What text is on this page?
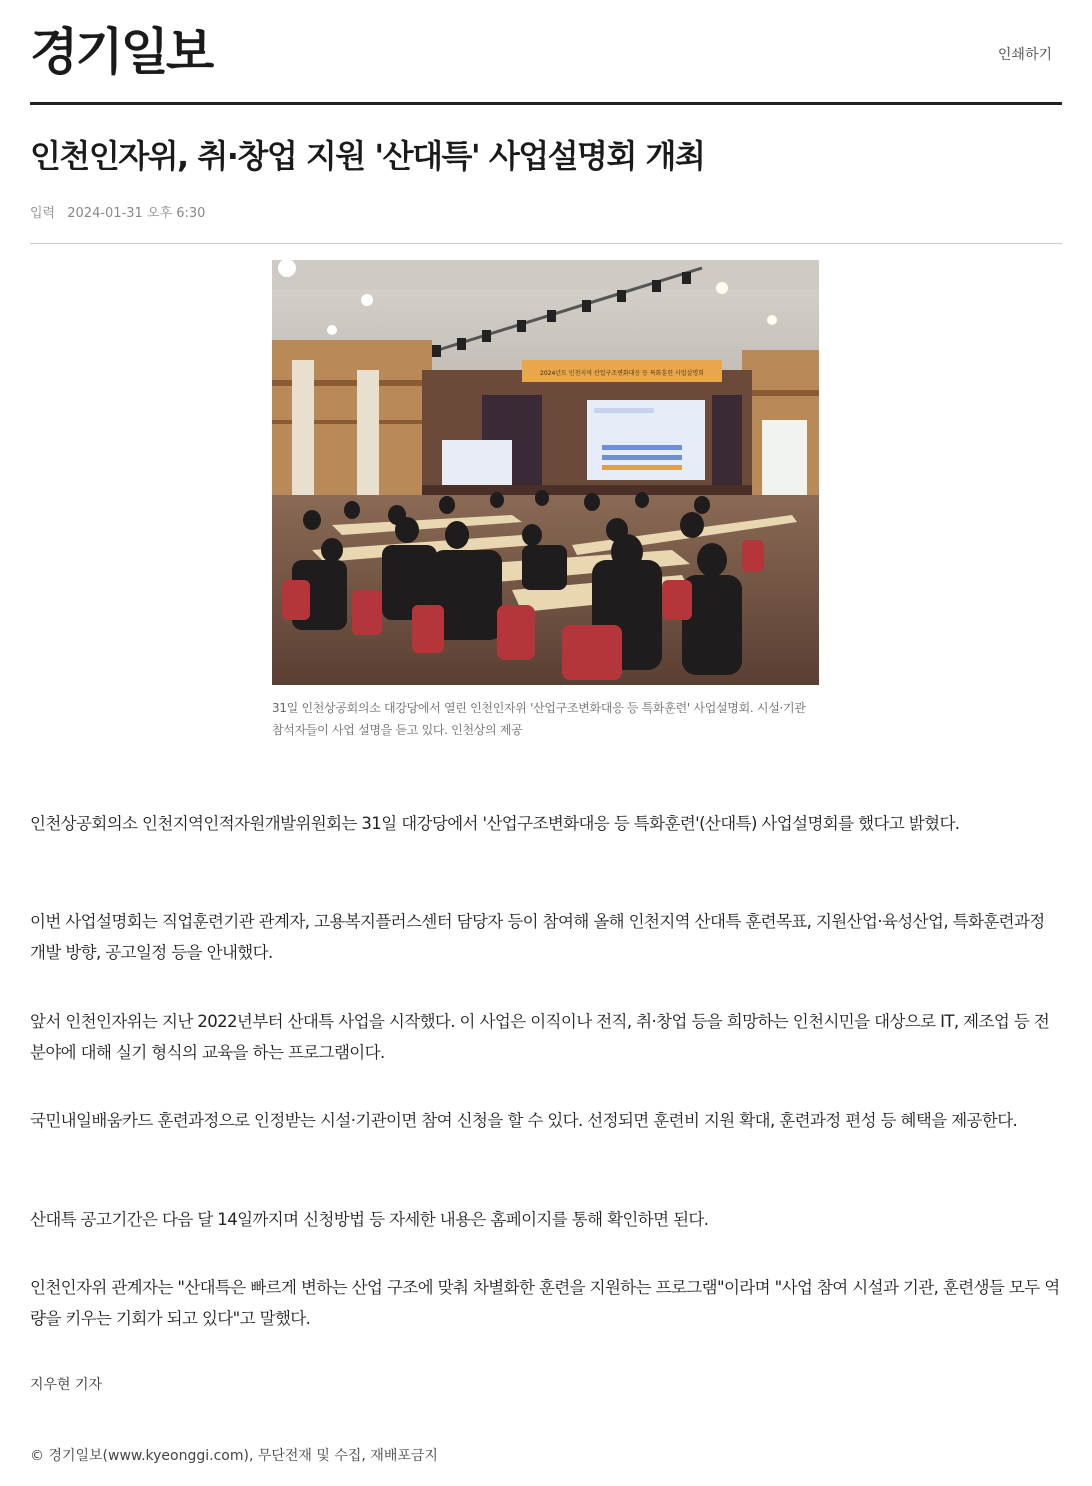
경기일보	인쇄하기
인천인자위, 취·창업 지원 '산대특' 사업설명회 개최
입력 2024-01-31 오후 6:30
2024년도 인천지역 산업구조변화대응 등 특화훈련 사업설명회
31일 인천상공회의소 대강당에서 열린 인천인자위 '산업구조변화대응 등 특화훈련' 사업설명회. 시설·기관 참석자들이 사업 설명을 듣고 있다. 인천상의 제공

인천상공회의소 인천지역인적자원개발위원회는 31일 대강당에서 '산업구조변화대응 등 특화훈련'(산대특) 사업설명회를 했다고 밝혔다.

이번 사업설명회는 직업훈련기관 관계자, 고용복지플러스센터 담당자 등이 참여해 올해 인천지역 산대특 훈련목표, 지원산업·육성산업, 특화훈련과정 개발 방향, 공고일정 등을 안내했다.

앞서 인천인자위는 지난 2022년부터 산대특 사업을 시작했다. 이 사업은 이직이나 전직, 취·창업 등을 희망하는 인천시민을 대상으로 IT, 제조업 등 전 분야에 대해 실기 형식의 교육을 하는 프로그램이다.

국민내일배움카드 훈련과정으로 인정받는 시설·기관이면 참여 신청을 할 수 있다. 선정되면 훈련비 지원 확대, 훈련과정 편성 등 혜택을 제공한다.

산대특 공고기간은 다음 달 14일까지며 신청방법 등 자세한 내용은 홈페이지를 통해 확인하면 된다.

인천인자위 관계자는 "산대특은 빠르게 변하는 산업 구조에 맞춰 차별화한 훈련을 지원하는 프로그램"이라며 "사업 참여 시설과 기관, 훈련생들 모두 역량을 키우는 기회가 되고 있다"고 말했다.

지우현 기자
© 경기일보(www.kyeonggi.com), 무단전재 및 수집, 재배포금지
